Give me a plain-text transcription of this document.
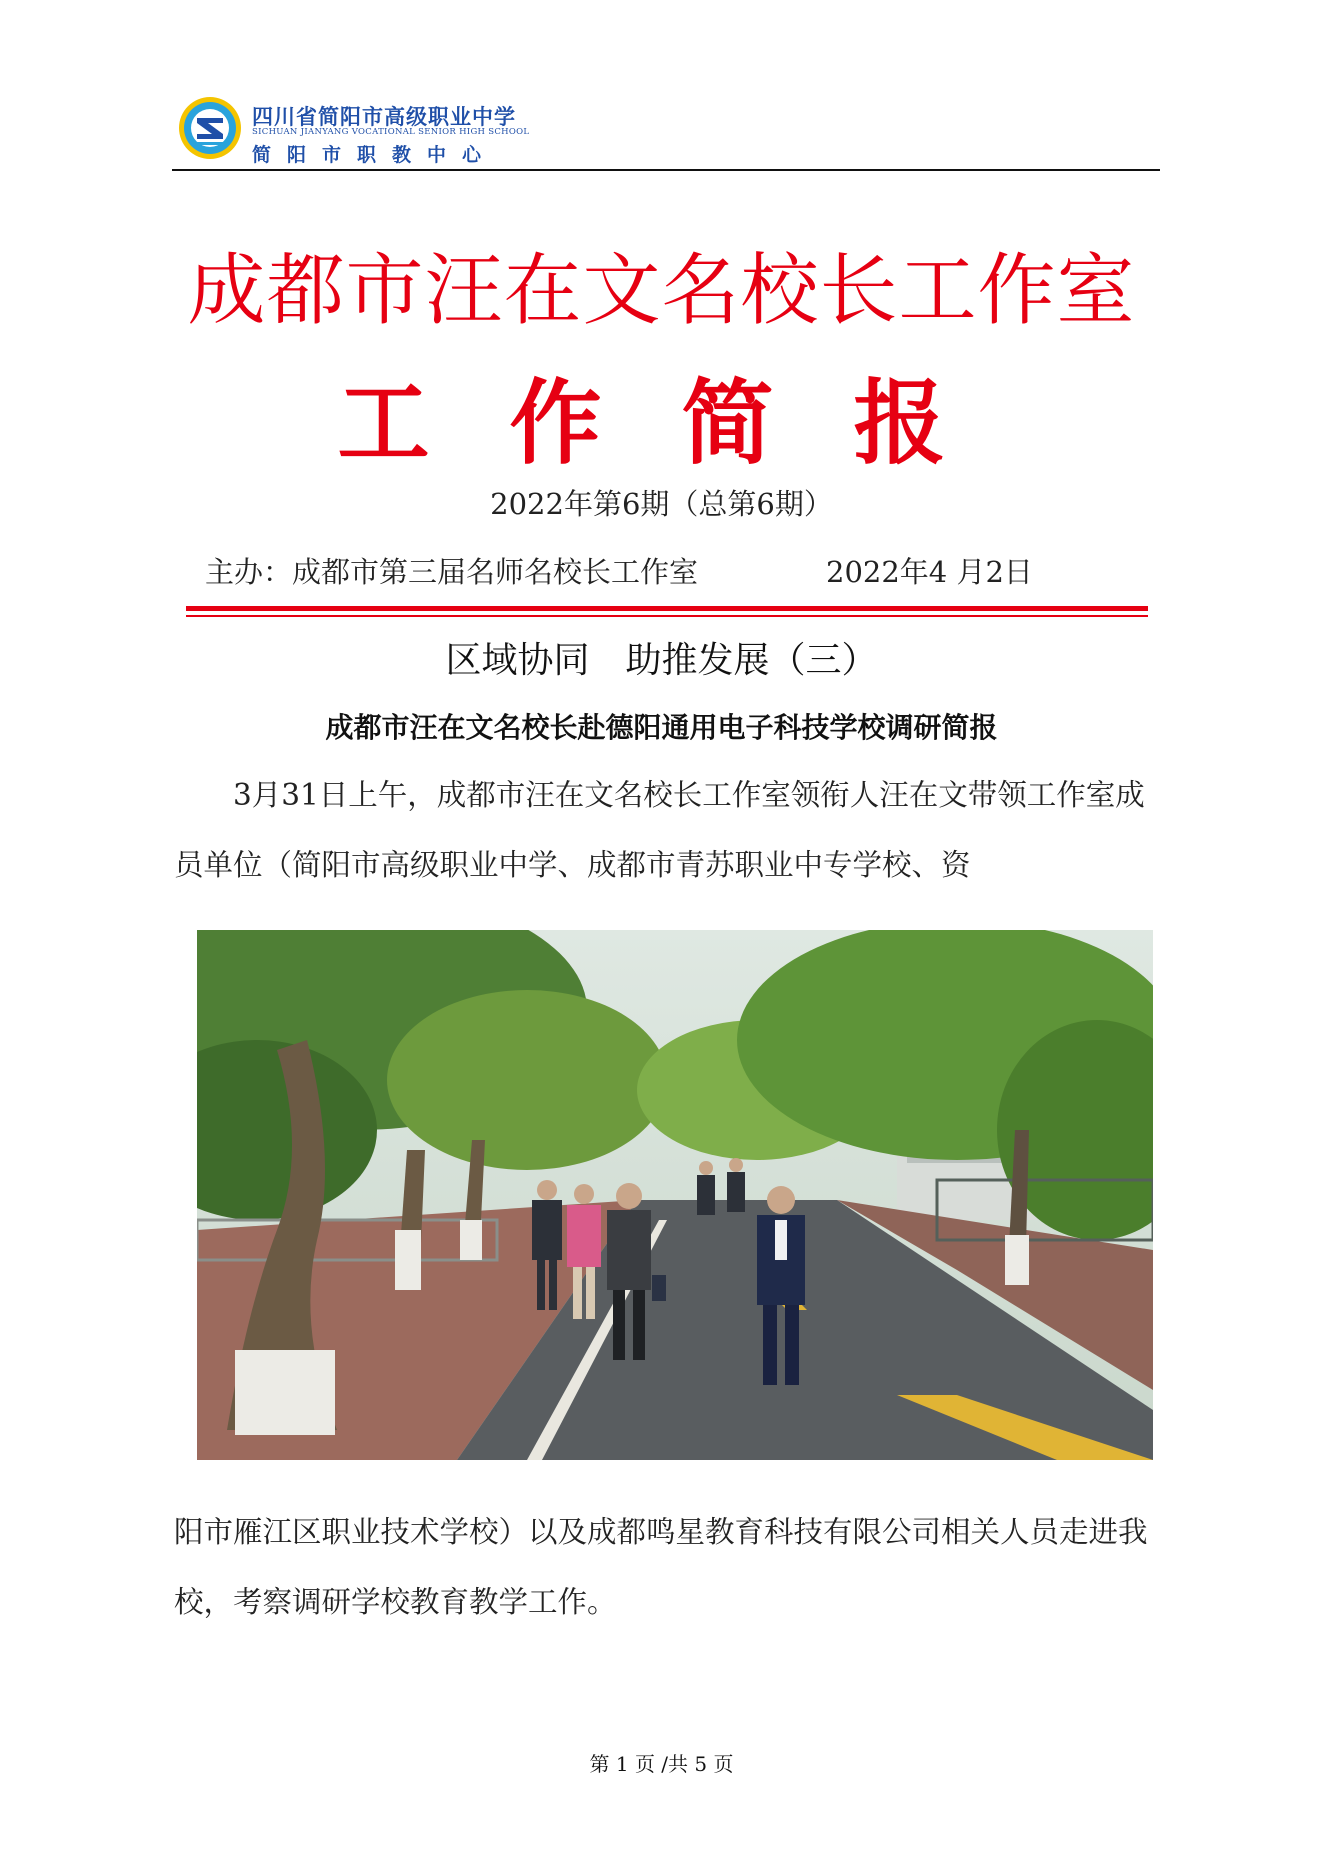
四川省简阳市高级职业中学
SICHUAN JIANYANG VOCATIONAL SENIOR HIGH SCHOOL
简阳市职教中心
成都市汪在文名校长工作室
工作简报
2022年第6期（总第6期）
主办：成都市第三届名师名校长工作室	2022年4 月2日
区域协同　助推发展（三）
成都市汪在文名校长赴德阳通用电子科技学校调研简报
3月31日上午，成都市汪在文名校长工作室领衔人汪在文带领工作室成员单位（简阳市高级职业中学、成都市青苏职业中专学校、资
阳市雁江区职业技术学校）以及成都鸣星教育科技有限公司相关人员走进我校，考察调研学校教育教学工作。
第 1 页 /共 5 页
